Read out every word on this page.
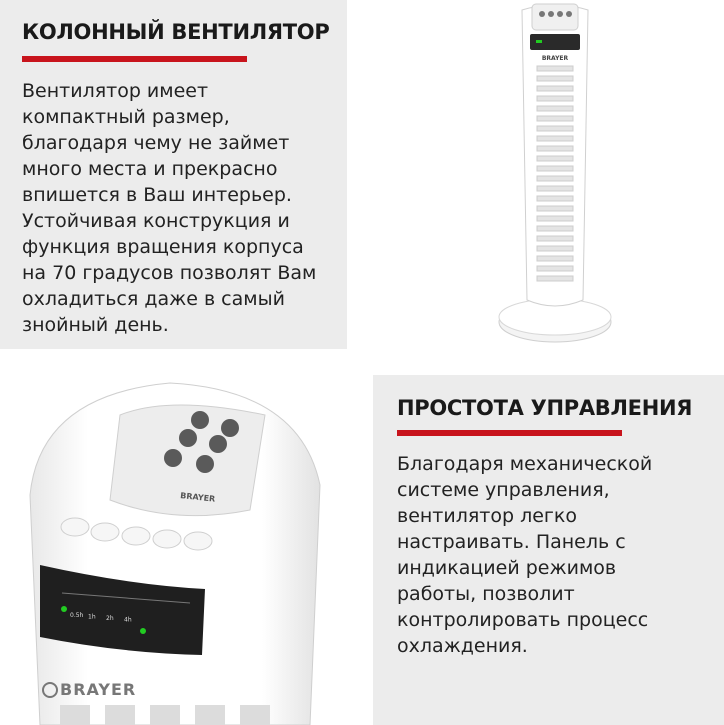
КОЛОННЫЙ ВЕНТИЛЯТОР
Вентилятор имеет
компактный размер,
благодаря чему не займет
много места и прекрасно
впишется в Ваш интерьер.
Устойчивая конструкция и
функция вращения корпуса
на 70 градусов позволят Вам
охладиться даже в самый
знойный день.
BRAYER
BRAYER
0.5h 1h 2h 4h
BRAYER
ПРОСТОТА УПРАВЛЕНИЯ
Благодаря механической
системе управления,
вентилятор легко
настраивать. Панель с
индикацией режимов
работы, позволит
контролировать процесс
охлаждения.
